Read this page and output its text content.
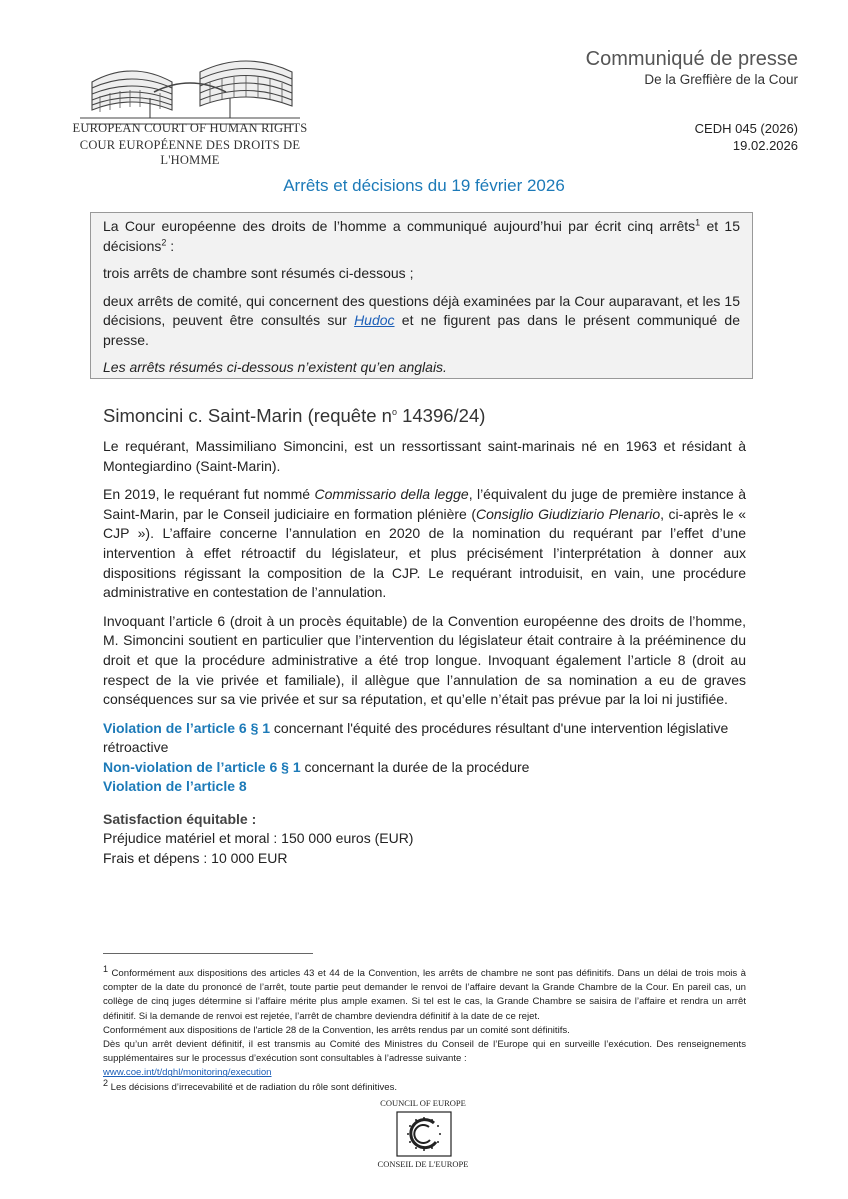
EUROPEAN COURT OF HUMAN RIGHTS
COUR EUROPÉENNE DES DROITS DE L'HOMME
Communiqué de presse
De la Greffière de la Cour
CEDH 045 (2026)
19.02.2026
Arrêts et décisions du 19 février 2026

La Cour européenne des droits de l’homme a communiqué aujourd’hui par écrit cinq arrêts$^1$ et 15 décisions$^2$ :

trois arrêts de chambre sont résumés ci-dessous ;

deux arrêts de comité, qui concernent des questions déjà examinées par la Cour auparavant, et les 15 décisions, peuvent être consultés sur Hudoc et ne figurent pas dans le présent communiqué de presse.

Les arrêts résumés ci-dessous n’existent qu’en anglais.

Simoncini c. Saint-Marin (requête $n^o$ 14396/24)

Le requérant, Massimiliano Simoncini, est un ressortissant saint-marinais né en 1963 et résidant à Montegiardino (Saint-Marin).

En 2019, le requérant fut nommé Commissario della legge, l’équivalent du juge de première instance à Saint-Marin, par le Conseil judiciaire en formation plénière (Consiglio Giudiziario Plenario, ci-après le « CJP »). L’affaire concerne l’annulation en 2020 de la nomination du requérant par l’effet d’une intervention à effet rétroactif du législateur, et plus précisément l’interprétation à donner aux dispositions régissant la composition de la CJP. Le requérant introduisit, en vain, une procédure administrative en contestation de l’annulation.

Invoquant l’article 6 (droit à un procès équitable) de la Convention européenne des droits de l’homme, M. Simoncini soutient en particulier que l’intervention du législateur était contraire à la prééminence du droit et que la procédure administrative a été trop longue. Invoquant également l’article 8 (droit au respect de la vie privée et familiale), il allègue que l’annulation de sa nomination a eu de graves conséquences sur sa vie privée et sur sa réputation, et qu’elle n’était pas prévue par la loi ni justifiée.

Violation de l’article 6 § 1 concernant l'équité des procédures résultant d'une intervention législative rétroactive
Non-violation de l’article 6 § 1 concernant la durée de la procédure
Violation de l’article 8
Satisfaction équitable :
Préjudice matériel et moral : 150 000 euros (EUR)
Frais et dépens : 10 000 EUR

$^1$ Conformément aux dispositions des articles 43 et 44 de la Convention, les arrêts de chambre ne sont pas définitifs. Dans un délai de trois mois à compter de la date du prononcé de l’arrêt, toute partie peut demander le renvoi de l’affaire devant la Grande Chambre de la Cour. En pareil cas, un collège de cinq juges détermine si l’affaire mérite plus ample examen. Si tel est le cas, la Grande Chambre se saisira de l’affaire et rendra un arrêt définitif. Si la demande de renvoi est rejetée, l’arrêt de chambre deviendra définitif à la date de ce rejet.

Conformément aux dispositions de l'article 28 de la Convention, les arrêts rendus par un comité sont définitifs.

Dès qu’un arrêt devient définitif, il est transmis au Comité des Ministres du Conseil de l’Europe qui en surveille l’exécution. Des renseignements supplémentaires sur le processus d’exécution sont consultables à l’adresse suivante :

www.coe.int/t/dghl/monitoring/execution

$^2$ Les décisions d’irrecevabilité et de radiation du rôle sont définitives.

COUNCIL OF EUROPE
CONSEIL DE L'EUROPE
